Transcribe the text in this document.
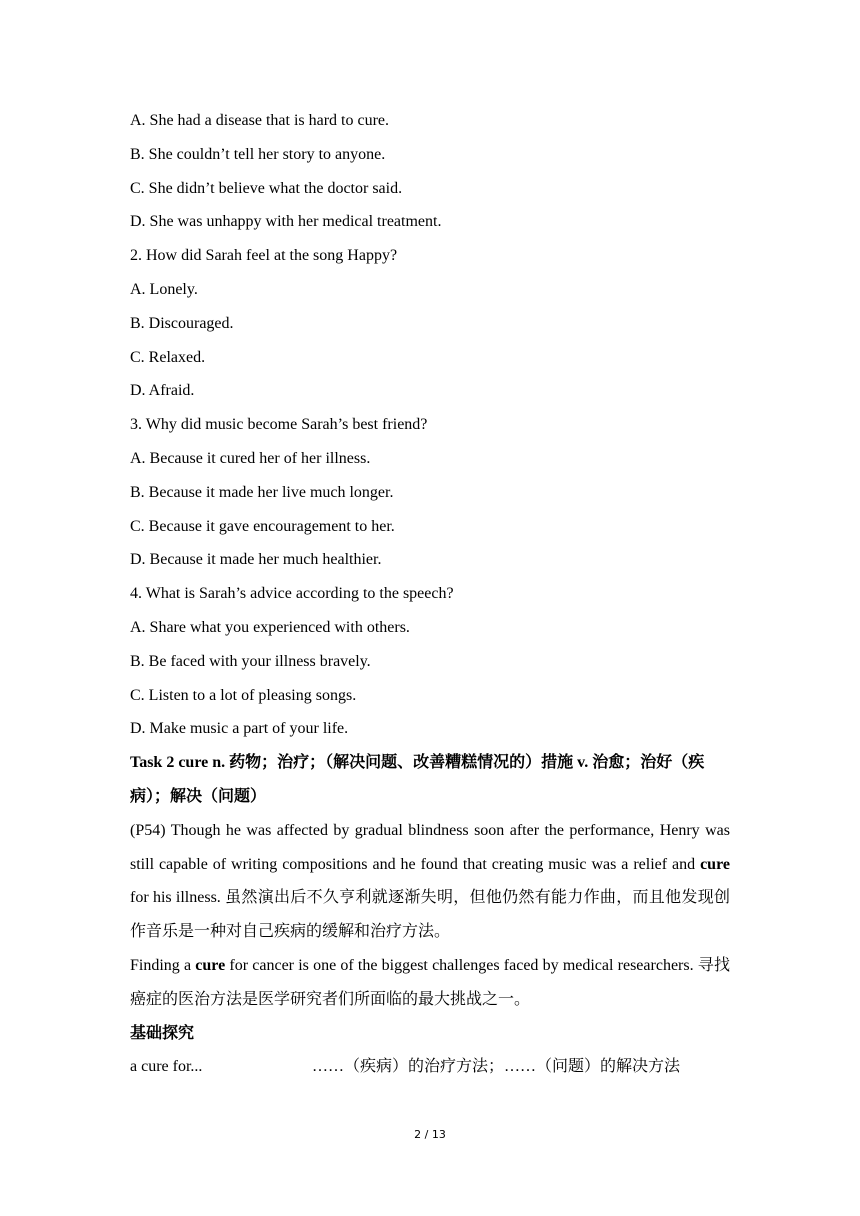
A. She had a disease that is hard to cure.

B. She couldn’t tell her story to anyone.

C. She didn’t believe what the doctor said.

D. She was unhappy with her medical treatment.

2. How did Sarah feel at the song Happy?

A. Lonely.

B. Discouraged.

C. Relaxed.

D. Afraid.

3. Why did music become Sarah’s best friend?

A. Because it cured her of her illness.

B. Because it made her live much longer.

C. Because it gave encouragement to her.

D. Because it made her much healthier.

4. What is Sarah’s advice according to the speech?

A. Share what you experienced with others.

B. Be faced with your illness bravely.

C. Listen to a lot of pleasing songs.

D. Make music a part of your life.

Task 2 cure n. 药物；治疗；（解决问题、改善糟糕情况的）措施 v. 治愈；治好（疾病）；解决（问题）

(P54) Though he was affected by gradual blindness soon after the performance, Henry was still capable of writing compositions and he found that creating music was a relief and cure for his illness. 虽然演出后不久亨利就逐渐失明，但他仍然有能力作曲，而且他发现创作音乐是一种对自己疾病的缓解和治疗方法。

Finding a cure for cancer is one of the biggest challenges faced by medical researchers. 寻找癌症的医治方法是医学研究者们所面临的最大挑战之一。

基础探究

a cure for...	……（疾病）的治疗方法；……（问题）的解决方法
2 / 13
